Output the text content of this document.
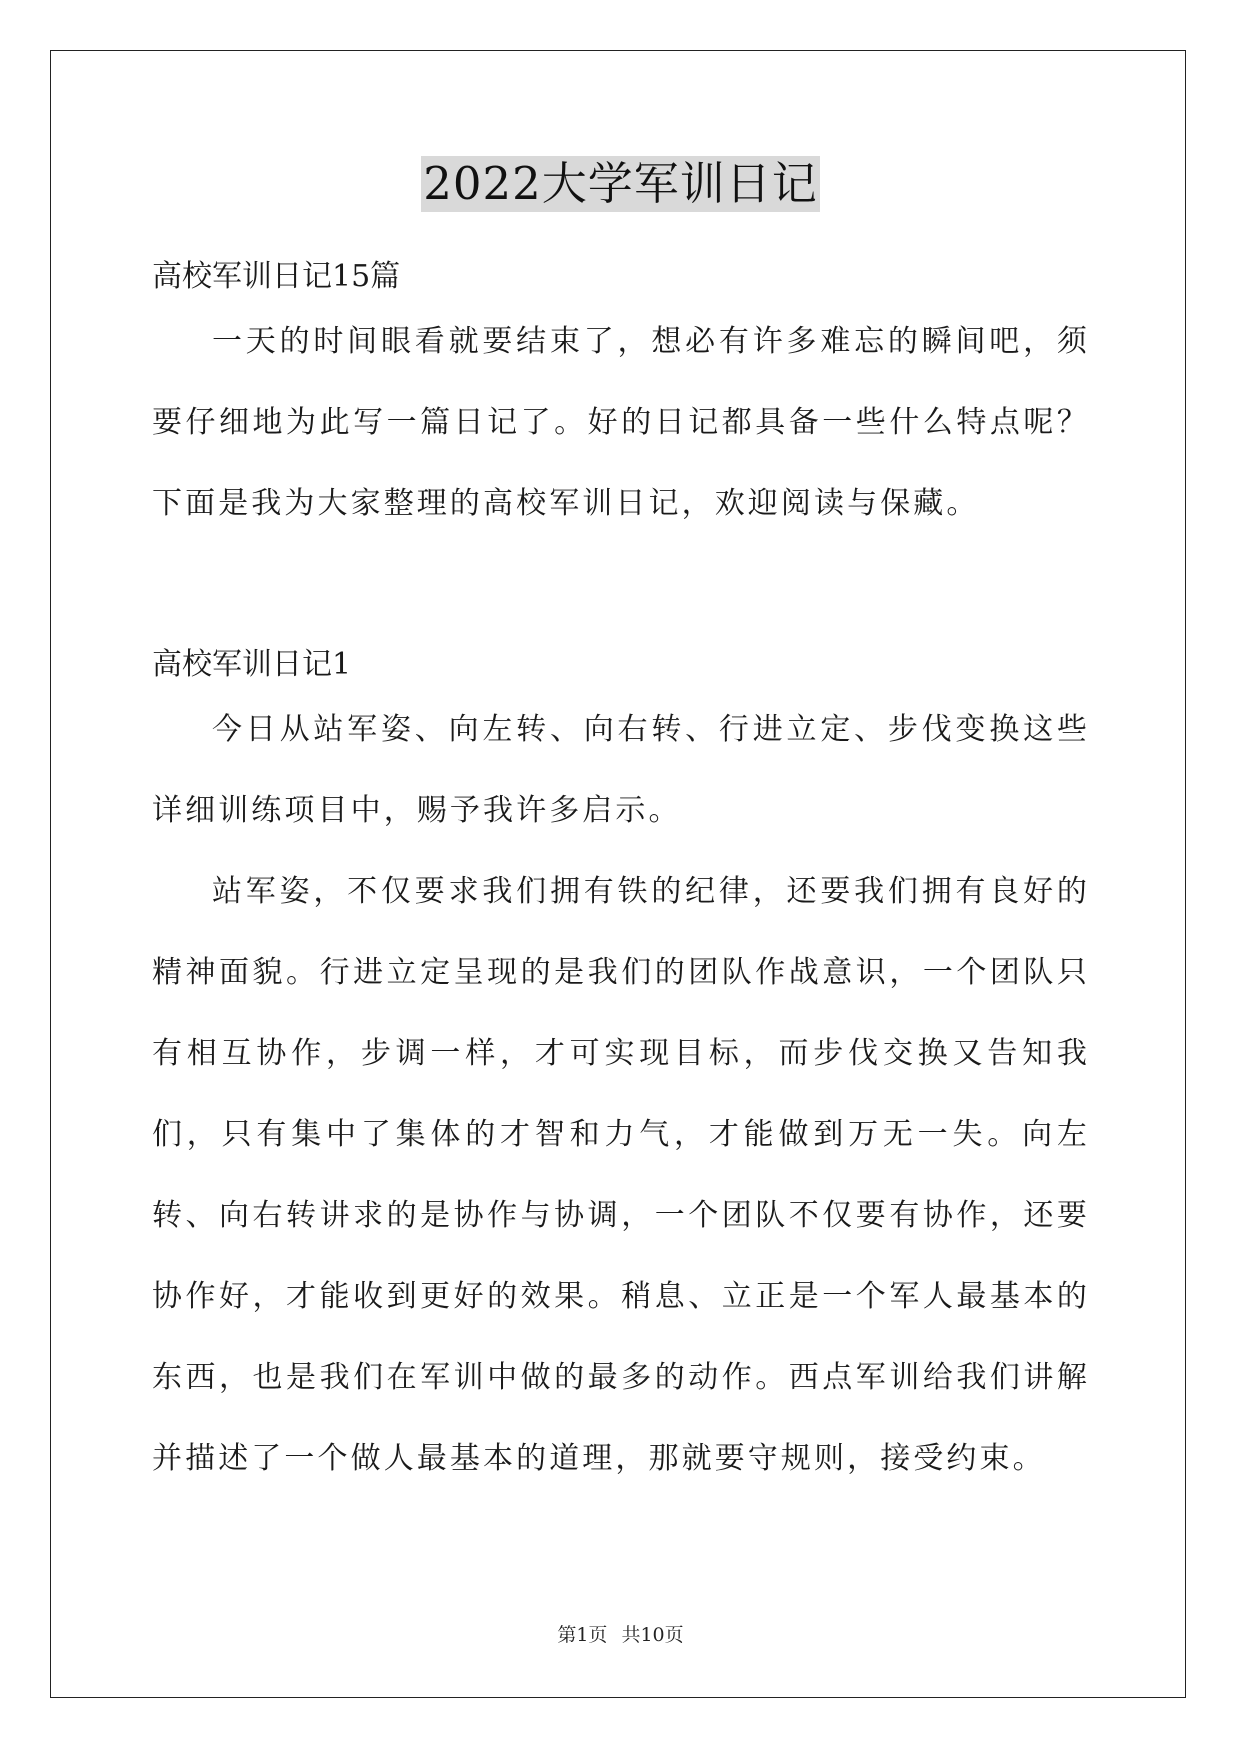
2022大学军训日记

高校军训日记15篇

一天的时间眼看就要结束了，想必有许多难忘的瞬间吧，须要仔细地为此写一篇日记了。好的日记都具备一些什么特点呢？下面是我为大家整理的高校军训日记，欢迎阅读与保藏。

高校军训日记1

今日从站军姿、向左转、向右转、行进立定、步伐变换这些详细训练项目中，赐予我许多启示。

站军姿，不仅要求我们拥有铁的纪律，还要我们拥有良好的精神面貌。行进立定呈现的是我们的团队作战意识，一个团队只有相互协作，步调一样，才可实现目标，而步伐交换又告知我们，只有集中了集体的才智和力气，才能做到万无一失。向左转、向右转讲求的是协作与协调，一个团队不仅要有协作，还要协作好，才能收到更好的效果。稍息、立正是一个军人最基本的东西，也是我们在军训中做的最多的动作。西点军训给我们讲解并描述了一个做人最基本的道理，那就要守规则，接受约束。

第1页 共10页
